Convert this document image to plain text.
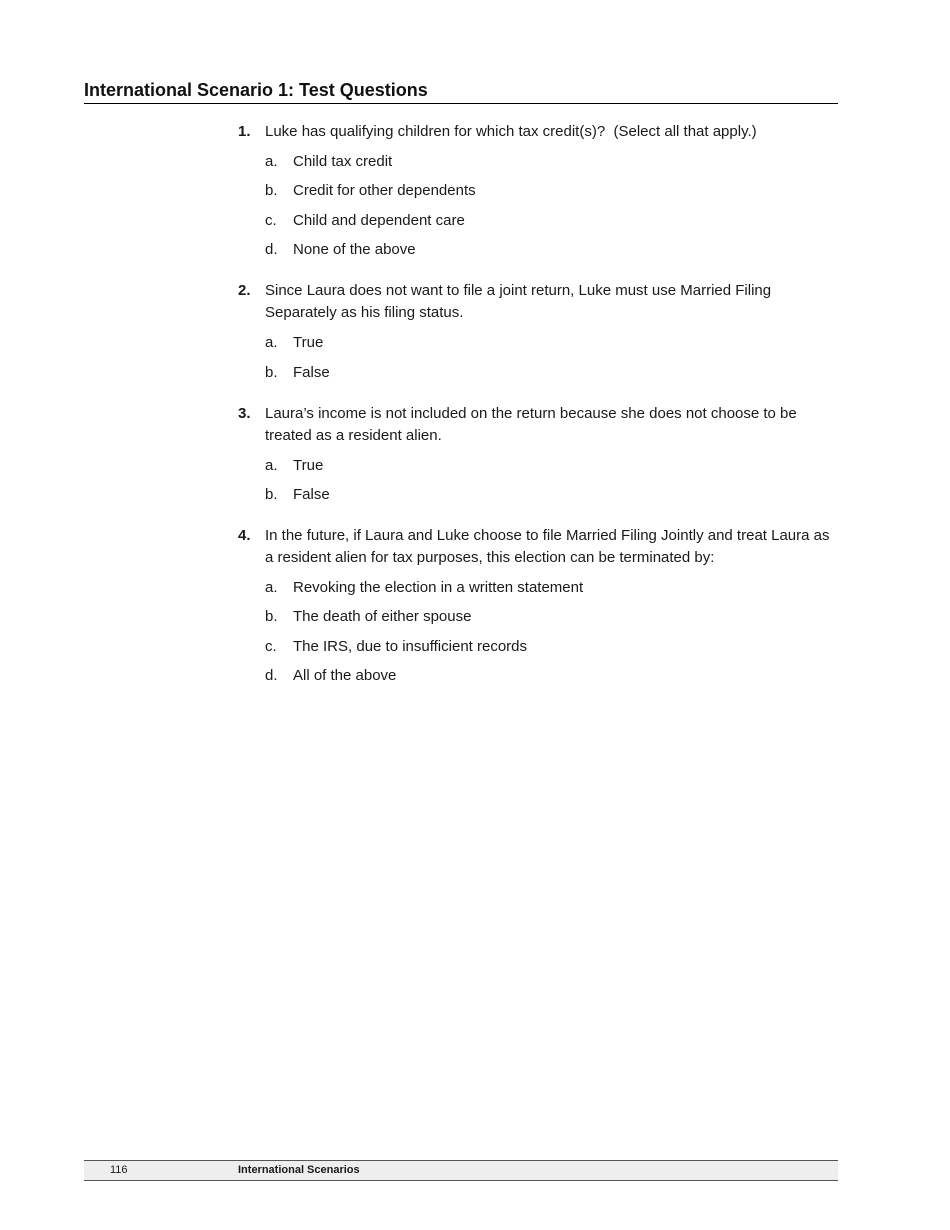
International Scenario 1: Test Questions
1. Luke has qualifying children for which tax credit(s)?  (Select all that apply.)
a. Child tax credit
b. Credit for other dependents
c. Child and dependent care
d. None of the above
2. Since Laura does not want to file a joint return, Luke must use Married Filing Separately as his filing status.
a. True
b. False
3. Laura’s income is not included on the return because she does not choose to be treated as a resident alien.
a. True
b. False
4. In the future, if Laura and Luke choose to file Married Filing Jointly and treat Laura as a resident alien for tax purposes, this election can be terminated by:
a. Revoking the election in a written statement
b. The death of either spouse
c. The IRS, due to insufficient records
d. All of the above
116	International Scenarios
